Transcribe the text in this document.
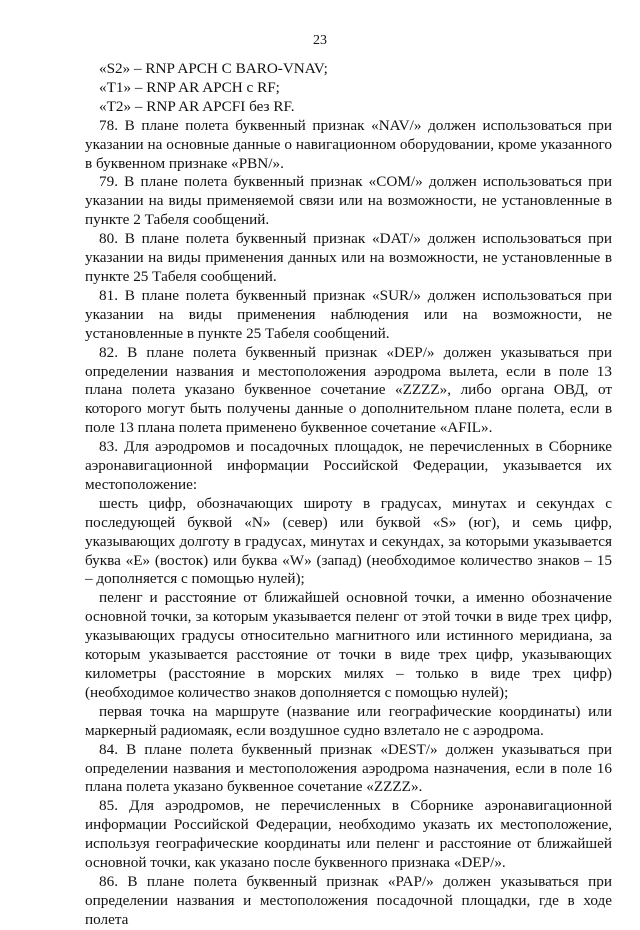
23

«S2» – RNP APCH С BARO-VNAV;

«T1» – RNP AR APCH с RF;

«T2» – RNP AR APCFI без RF.

78. В плане полета буквенный признак «NAV/» должен использоваться при указании на основные данные о навигационном оборудовании, кроме указанного в буквенном признаке «PBN/».

79. В плане полета буквенный признак «COM/» должен использоваться при указании на виды применяемой связи или на возможности, не установленные в пункте 2 Табеля сообщений.

80. В плане полета буквенный признак «DAT/» должен использоваться при указании на виды применения данных или на возможности, не установленные в пункте 25 Табеля сообщений.

81. В плане полета буквенный признак «SUR/» должен использоваться при указании на виды применения наблюдения или на возможности, не установленные в пункте 25 Табеля сообщений.

82. В плане полета буквенный признак «DEP/» должен указываться при определении названия и местоположения аэродрома вылета, если в поле 13 плана полета указано буквенное сочетание «ZZZZ», либо органа ОВД, от которого могут быть получены данные о дополнительном плане полета, если в поле 13 плана полета применено буквенное сочетание «AFIL».

83. Для аэродромов и посадочных площадок, не перечисленных в Сборнике аэронавигационной информации Российской Федерации, указывается их местоположение:

шесть цифр, обозначающих широту в градусах, минутах и секундах с последующей буквой «N» (север) или буквой «S» (юг), и семь цифр, указывающих долготу в градусах, минутах и секундах, за которыми указывается буква «E» (восток) или буква «W» (запад) (необходимое количество знаков – 15 – дополняется с помощью нулей);

пеленг и расстояние от ближайшей основной точки, а именно обозначение основной точки, за которым указывается пеленг от этой точки в виде трех цифр, указывающих градусы относительно магнитного или истинного меридиана, за которым указывается расстояние от точки в виде трех цифр, указывающих километры (расстояние в морских милях – только в виде трех цифр) (необходимое количество знаков дополняется с помощью нулей);

первая точка на маршруте (название или географические координаты) или маркерный радиомаяк, если воздушное судно взлетало не с аэродрома.

84. В плане полета буквенный признак «DEST/» должен указываться при определении названия и местоположения аэродрома назначения, если в поле 16 плана полета указано буквенное сочетание «ZZZZ».

85. Для аэродромов, не перечисленных в Сборнике аэронавигационной информации Российской Федерации, необходимо указать их местоположение, используя географические координаты или пеленг и расстояние от ближайшей основной точки, как указано после буквенного признака «DEP/».

86. В плане полета буквенный признак «PAP/» должен указываться при определении названия и местоположения посадочной площадки, где в ходе полета
